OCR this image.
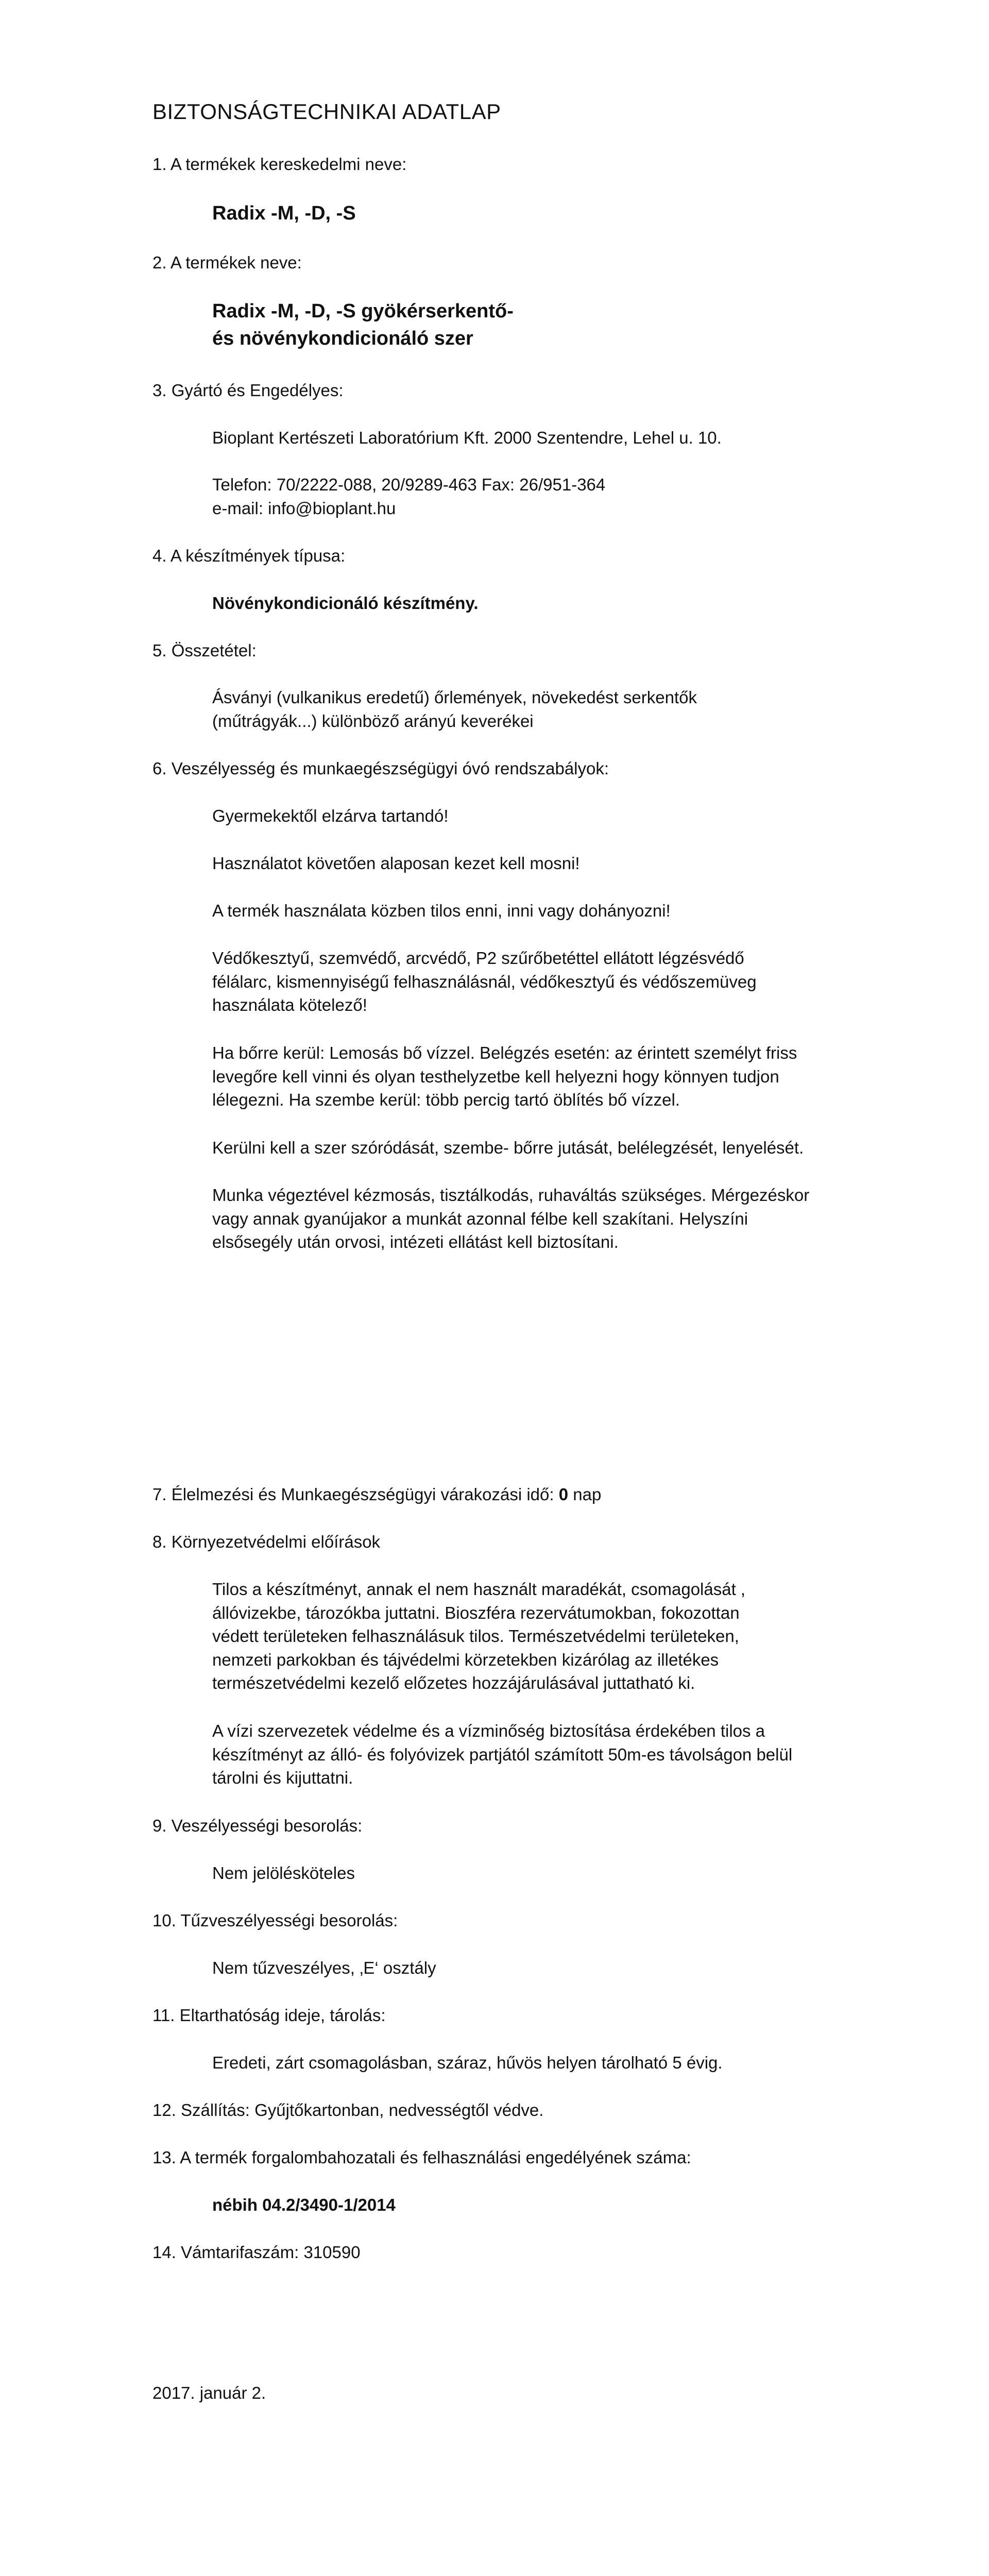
BIZTONSÁGTECHNIKAI ADATLAP

1. A termékek kereskedelmi neve:

Radix -M, -D, -S

2. A termékek neve:

Radix -M, -D, -S gyökérserkentő-

és növénykondicionáló szer

3. Gyártó és Engedélyes:

Bioplant Kertészeti Laboratórium Kft. 2000 Szentendre, Lehel u. 10.

Telefon: 70/2222-088, 20/9289-463 Fax: 26/951-364

e-mail: info@bioplant.hu

4. A készítmények típusa:

Növénykondicionáló készítmény.

5. Összetétel:

Ásványi (vulkanikus eredetű) őrlemények, növekedést serkentők

(műtrágyák...) különböző arányú keverékei

6. Veszélyesség és munkaegészségügyi óvó rendszabályok:

Gyermekektől elzárva tartandó!

Használatot követően alaposan kezet kell mosni!

A termék használata közben tilos enni, inni vagy dohányozni!

Védőkesztyű, szemvédő, arcvédő, P2 szűrőbetéttel ellátott légzésvédő

félálarc, kismennyiségű felhasználásnál, védőkesztyű és védőszemüveg

használata kötelező!

Ha bőrre kerül: Lemosás bő vízzel. Belégzés esetén: az érintett személyt friss

levegőre kell vinni és olyan testhelyzetbe kell helyezni hogy könnyen tudjon

lélegezni. Ha szembe kerül: több percig tartó öblítés bő vízzel.

Kerülni kell a szer szóródását, szembe- bőrre jutását, belélegzését, lenyelését.

Munka végeztével kézmosás, tisztálkodás, ruhaváltás szükséges. Mérgezéskor

vagy annak gyanújakor a munkát azonnal félbe kell szakítani. Helyszíni

elsősegély után orvosi, intézeti ellátást kell biztosítani.

7. Élelmezési és Munkaegészségügyi várakozási idő: 0 nap

8. Környezetvédelmi előírások

Tilos a készítményt, annak el nem használt maradékát, csomagolását ,

állóvizekbe, tározókba juttatni. Bioszféra rezervátumokban, fokozottan

védett területeken felhasználásuk tilos. Természetvédelmi területeken,

nemzeti parkokban és tájvédelmi körzetekben kizárólag az illetékes

természetvédelmi kezelő előzetes hozzájárulásával juttatható ki.

A vízi szervezetek védelme és a vízminőség biztosítása érdekében tilos a

készítményt az álló- és folyóvizek partjától számított 50m-es távolságon belül

tárolni és kijuttatni.

9. Veszélyességi besorolás:

Nem jelölésköteles

10. Tűzveszélyességi besorolás:

Nem tűzveszélyes, ‚E‘ osztály

11. Eltarthatóság ideje, tárolás:

Eredeti, zárt csomagolásban, száraz, hűvös helyen tárolható 5 évig.

12. Szállítás: Gyűjtőkartonban, nedvességtől védve.

13. A termék forgalombahozatali és felhasználási engedélyének száma:

nébih 04.2/3490-1/2014

14. Vámtarifaszám: 310590

2017. január 2.
